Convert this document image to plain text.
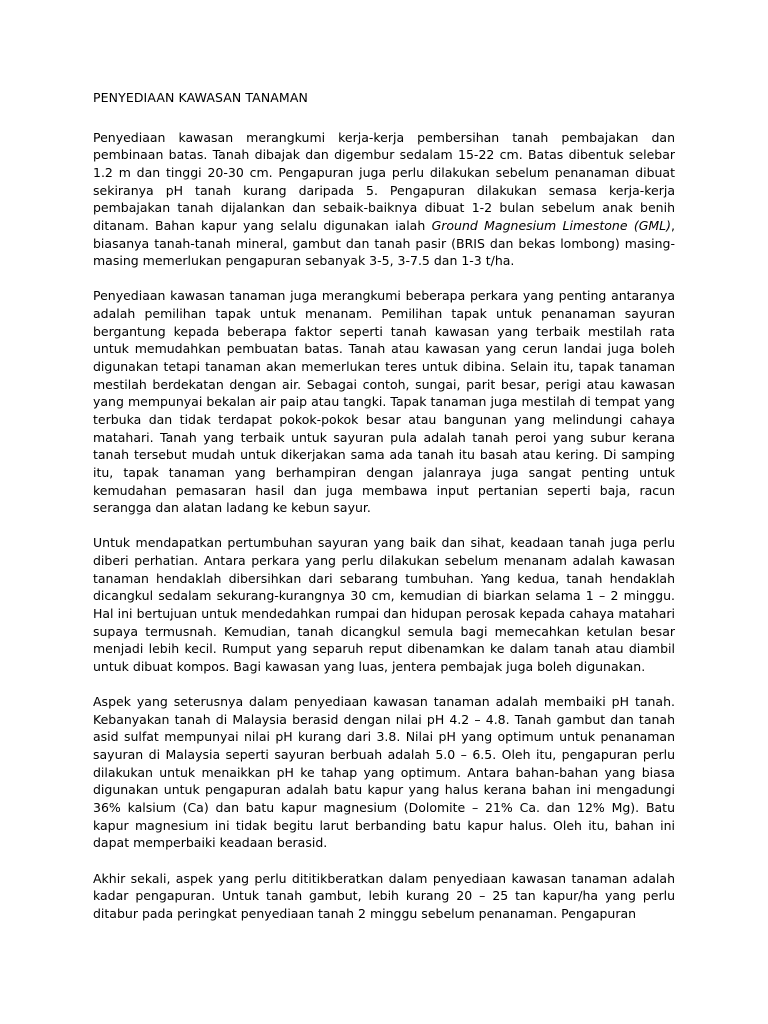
PENYEDIAAN KAWASAN TANAMAN

Penyediaan kawasan merangkumi kerja-kerja pembersihan tanah pembajakan dan pembinaan batas. Tanah dibajak dan digembur sedalam 15-22 cm. Batas dibentuk selebar 1.2 m dan tinggi 20-30 cm. Pengapuran juga perlu dilakukan sebelum penanaman dibuat sekiranya pH tanah kurang daripada 5. Pengapuran dilakukan semasa kerja-kerja pembajakan tanah dijalankan dan sebaik-baiknya dibuat 1-2 bulan sebelum anak benih ditanam. Bahan kapur yang selalu digunakan ialah Ground Magnesium Limestone (GML), biasanya tanah-tanah mineral, gambut dan tanah pasir (BRIS dan bekas lombong) masing-masing memerlukan pengapuran sebanyak 3-5, 3-7.5 dan 1-3 t/ha.

Penyediaan kawasan tanaman juga merangkumi beberapa perkara yang penting antaranya adalah pemilihan tapak untuk menanam. Pemilihan tapak untuk penanaman sayuran bergantung kepada beberapa faktor seperti tanah kawasan yang terbaik mestilah rata untuk memudahkan pembuatan batas. Tanah atau kawasan yang cerun landai juga boleh digunakan tetapi tanaman akan memerlukan teres untuk dibina. Selain itu, tapak tanaman mestilah berdekatan dengan air. Sebagai contoh, sungai, parit besar, perigi atau kawasan yang mempunyai bekalan air paip atau tangki. Tapak tanaman juga mestilah di tempat yang terbuka dan tidak terdapat pokok-pokok besar atau bangunan yang melindungi cahaya matahari. Tanah yang terbaik untuk sayuran pula adalah tanah peroi yang subur kerana tanah tersebut mudah untuk dikerjakan sama ada tanah itu basah atau kering. Di samping itu, tapak tanaman yang berhampiran dengan jalanraya juga sangat penting untuk kemudahan pemasaran hasil dan juga membawa input pertanian seperti baja, racun serangga dan alatan ladang ke kebun sayur.

Untuk mendapatkan pertumbuhan sayuran yang baik dan sihat, keadaan tanah juga perlu diberi perhatian. Antara perkara yang perlu dilakukan sebelum menanam adalah kawasan tanaman hendaklah dibersihkan dari sebarang tumbuhan. Yang kedua, tanah hendaklah dicangkul sedalam sekurang-kurangnya 30 cm, kemudian di biarkan selama 1 – 2 minggu. Hal ini bertujuan untuk mendedahkan rumpai dan hidupan perosak kepada cahaya matahari supaya termusnah. Kemudian, tanah dicangkul semula bagi memecahkan ketulan besar menjadi lebih kecil. Rumput yang separuh reput dibenamkan ke dalam tanah atau diambil untuk dibuat kompos. Bagi kawasan yang luas, jentera pembajak juga boleh digunakan.

Aspek yang seterusnya dalam penyediaan kawasan tanaman adalah membaiki pH tanah. Kebanyakan tanah di Malaysia berasid dengan nilai pH 4.2 – 4.8. Tanah gambut dan tanah asid sulfat mempunyai nilai pH kurang dari 3.8. Nilai pH yang optimum untuk penanaman sayuran di Malaysia seperti sayuran berbuah adalah 5.0 – 6.5. Oleh itu, pengapuran perlu dilakukan untuk menaikkan pH ke tahap yang optimum. Antara bahan-bahan yang biasa digunakan untuk pengapuran adalah batu kapur yang halus kerana bahan ini mengadungi 36% kalsium (Ca) dan batu kapur magnesium (Dolomite – 21% Ca. dan 12% Mg). Batu kapur magnesium ini tidak begitu larut berbanding batu kapur halus. Oleh itu, bahan ini dapat memperbaiki keadaan berasid.

Akhir sekali, aspek yang perlu dititikberatkan dalam penyediaan kawasan tanaman adalah kadar pengapuran. Untuk tanah gambut, lebih kurang 20 – 25 tan kapur/ha yang perlu ditabur pada peringkat penyediaan tanah 2 minggu sebelum penanaman. Pengapuran
